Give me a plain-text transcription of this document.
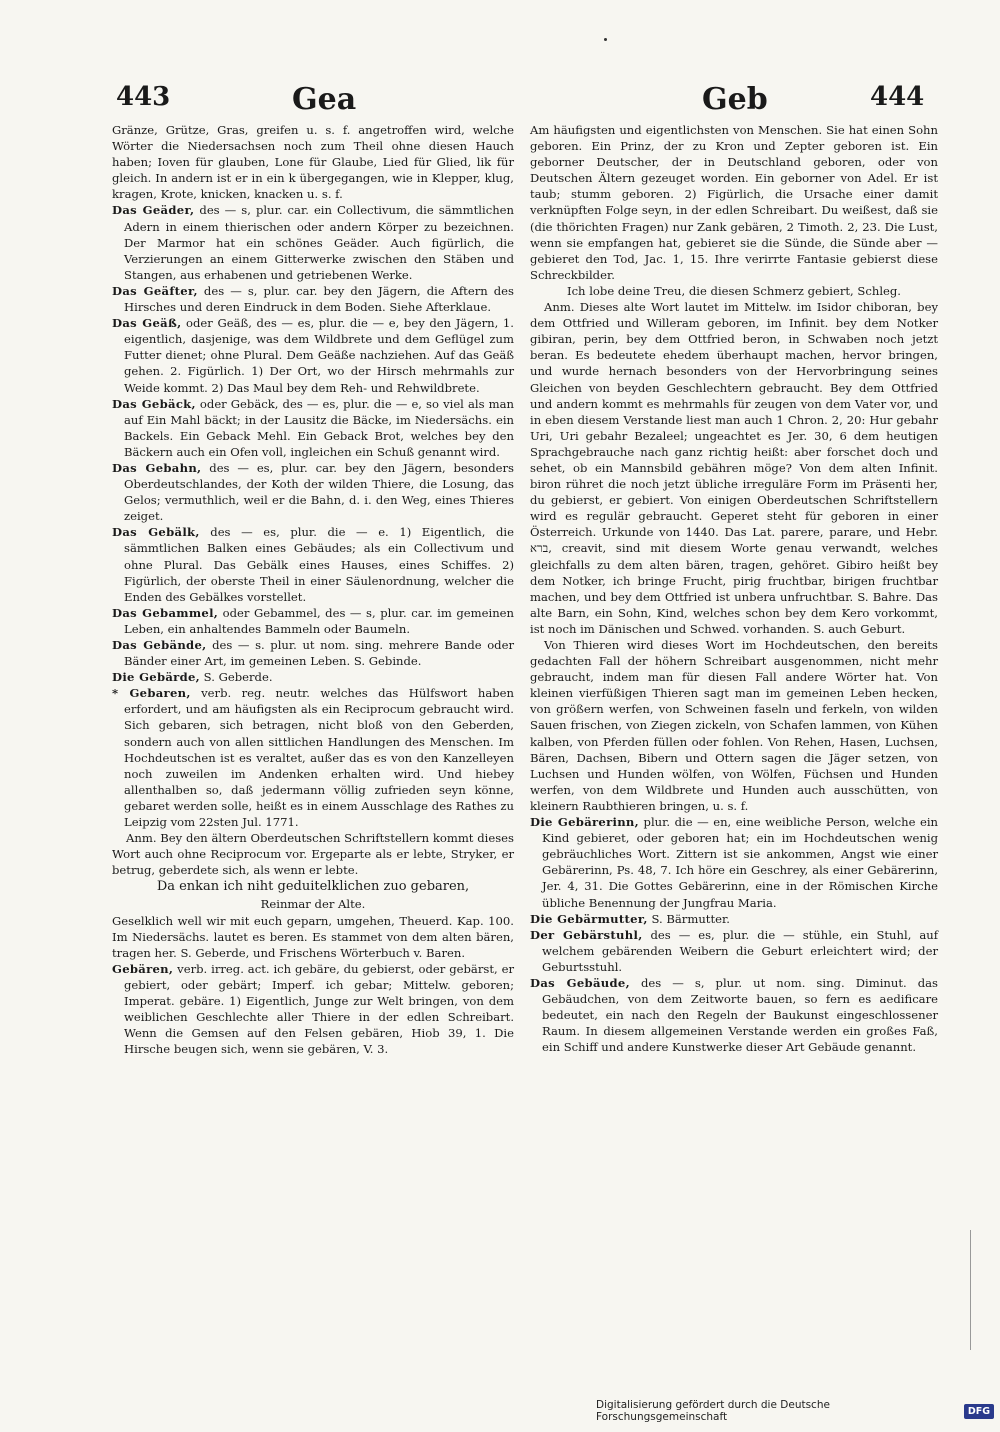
443	Gea	Geb	444

Gränze, Grütze, Gras, greifen u. s. f. angetroffen wird, welche Wörter die Niedersachsen noch zum Theil ohne diesen Hauch haben; Ioven für glauben, Lone für Glaube, Lied für Glied, lik für gleich. In andern ist er in ein k übergegangen, wie in Klepper, klug, kragen, Krote, knicken, knacken u. s. f.

Das Geäder, des — s, plur. car. ein Collectivum, die sämmtlichen Adern in einem thierischen oder andern Körper zu bezeichnen. Der Marmor hat ein schönes Geäder. Auch figürlich, die Verzierungen an einem Gitterwerke zwischen den Stäben und Stangen, aus erhabenen und getriebenen Werke.

Das Geäfter, des — s, plur. car. bey den Jägern, die Aftern des Hirsches und deren Eindruck in dem Boden. Siehe Afterklaue.

Das Geäß, oder Geäß, des — es, plur. die — e, bey den Jägern, 1. eigentlich, dasjenige, was dem Wildbrete und dem Geflügel zum Futter dienet; ohne Plural. Dem Geäße nachziehen. Auf das Geäß gehen. 2. Figürlich. 1) Der Ort, wo der Hirsch mehrmahls zur Weide kommt. 2) Das Maul bey dem Reh- und Rehwildbrete.

Das Gebäck, oder Gebäck, des — es, plur. die — e, so viel als man auf Ein Mahl bäckt; in der Lausitz die Bäcke, im Niedersächs. ein Backels. Ein Geback Mehl. Ein Geback Brot, welches bey den Bäckern auch ein Ofen voll, ingleichen ein Schuß genannt wird.

Das Gebahn, des — es, plur. car. bey den Jägern, besonders Oberdeutschlandes, der Koth der wilden Thiere, die Losung, das Gelos; vermuthlich, weil er die Bahn, d. i. den Weg, eines Thieres zeiget.

Das Gebälk, des — es, plur. die — e. 1) Eigentlich, die sämmtlichen Balken eines Gebäudes; als ein Collectivum und ohne Plural. Das Gebälk eines Hauses, eines Schiffes. 2) Figürlich, der oberste Theil in einer Säulenordnung, welcher die Enden des Gebälkes vorstellet.

Das Gebammel, oder Gebammel, des — s, plur. car. im gemeinen Leben, ein anhaltendes Bammeln oder Baumeln.

Das Gebände, des — s. plur. ut nom. sing. mehrere Bande oder Bänder einer Art, im gemeinen Leben. S. Gebinde.

Die Gebärde, S. Geberde.

* Gebaren, verb. reg. neutr. welches das Hülfswort haben erfordert, und am häufigsten als ein Reciprocum gebraucht wird. Sich gebaren, sich betragen, nicht bloß von den Geberden, sondern auch von allen sittlichen Handlungen des Menschen. Im Hochdeutschen ist es veraltet, außer das es von den Kanzelleyen noch zuweilen im Andenken erhalten wird. Und hiebey allenthalben so, daß jedermann völlig zufrieden seyn könne, gebaret werden solle, heißt es in einem Ausschlage des Rathes zu Leipzig vom 22sten Jul. 1771.

Anm. Bey den ältern Oberdeutschen Schriftstellern kommt dieses Wort auch ohne Reciprocum vor. Ergeparte als er lebte, Stryker, er betrug, geberdete sich, als wenn er lebte.

Da enkan ich niht geduitelklichen zuo gebaren,

Reinmar der Alte.

Geselklich well wir mit euch geparn, umgehen, Theuerd. Kap. 100. Im Niedersächs. lautet es beren. Es stammet von dem alten bären, tragen her. S. Geberde, und Frischens Wörterbuch v. Baren.

Gebären, verb. irreg. act. ich gebäre, du gebierst, oder gebärst, er gebiert, oder gebärt; Imperf. ich gebar; Mittelw. geboren; Imperat. gebäre. 1) Eigentlich, Junge zur Welt bringen, von dem weiblichen Geschlechte aller Thiere in der edlen Schreibart. Wenn die Gemsen auf den Felsen gebären, Hiob 39, 1. Die Hirsche beugen sich, wenn sie gebären, V. 3.

Am häufigsten und eigentlichsten von Menschen. Sie hat einen Sohn geboren. Ein Prinz, der zu Kron und Zepter geboren ist. Ein geborner Deutscher, der in Deutschland geboren, oder von Deutschen Ältern gezeuget worden. Ein geborner von Adel. Er ist taub; stumm geboren. 2) Figürlich, die Ursache einer damit verknüpften Folge seyn, in der edlen Schreibart. Du weißest, daß sie (die thörichten Fragen) nur Zank gebären, 2 Timoth. 2, 23. Die Lust, wenn sie empfangen hat, gebieret sie die Sünde, die Sünde aber — gebieret den Tod, Jac. 1, 15. Ihre verirrte Fantasie gebierst diese Schreckbilder.

Ich lobe deine Treu, die diesen Schmerz gebiert, Schleg.

Anm. Dieses alte Wort lautet im Mittelw. im Isidor chiboran, bey dem Ottfried und Willeram geboren, im Infinit. bey dem Notker gibiran, perin, bey dem Ottfried beron, in Schwaben noch jetzt beran. Es bedeutete ehedem überhaupt machen, hervor bringen, und wurde hernach besonders von der Hervorbringung seines Gleichen von beyden Geschlechtern gebraucht. Bey dem Ottfried und andern kommt es mehrmahls für zeugen von dem Vater vor, und in eben diesem Verstande liest man auch 1 Chron. 2, 20: Hur gebahr Uri, Uri gebahr Bezaleel; ungeachtet es Jer. 30, 6 dem heutigen Sprachgebrauche nach ganz richtig heißt: aber forschet doch und sehet, ob ein Mannsbild gebähren möge? Von dem alten Infinit. biron rühret die noch jetzt übliche irreguläre Form im Präsenti her, du gebierst, er gebiert. Von einigen Oberdeutschen Schriftstellern wird es regulär gebraucht. Geperet steht für geboren in einer Österreich. Urkunde von 1440. Das Lat. parere, parare, und Hebr. ברא, creavit, sind mit diesem Worte genau verwandt, welches gleichfalls zu dem alten bären, tragen, gehöret. Gibiro heißt bey dem Notker, ich bringe Frucht, pirig fruchtbar, birigen fruchtbar machen, und bey dem Ottfried ist unbera unfruchtbar. S. Bahre. Das alte Barn, ein Sohn, Kind, welches schon bey dem Kero vorkommt, ist noch im Dänischen und Schwed. vorhanden. S. auch Geburt.

Von Thieren wird dieses Wort im Hochdeutschen, den bereits gedachten Fall der höhern Schreibart ausgenommen, nicht mehr gebraucht, indem man für diesen Fall andere Wörter hat. Von kleinen vierfüßigen Thieren sagt man im gemeinen Leben hecken, von größern werfen, von Schweinen faseln und ferkeln, von wilden Sauen frischen, von Ziegen zickeln, von Schafen lammen, von Kühen kalben, von Pferden füllen oder fohlen. Von Rehen, Hasen, Luchsen, Bären, Dachsen, Bibern und Ottern sagen die Jäger setzen, von Luchsen und Hunden wölfen, von Wölfen, Füchsen und Hunden werfen, von dem Wildbrete und Hunden auch ausschütten, von kleinern Raubthieren bringen, u. s. f.

Die Gebärerinn, plur. die — en, eine weibliche Person, welche ein Kind gebieret, oder geboren hat; ein im Hochdeutschen wenig gebräuchliches Wort. Zittern ist sie ankommen, Angst wie einer Gebärerinn, Ps. 48, 7. Ich höre ein Geschrey, als einer Gebärerinn, Jer. 4, 31. Die Gottes Gebärerinn, eine in der Römischen Kirche übliche Benennung der Jungfrau Maria.

Die Gebärmutter, S. Bärmutter.

Der Gebärstuhl, des — es, plur. die — stühle, ein Stuhl, auf welchem gebärenden Weibern die Geburt erleichtert wird; der Geburtsstuhl.

Das Gebäude, des — s, plur. ut nom. sing. Diminut. das Gebäudchen, von dem Zeitworte bauen, so fern es aedificare bedeutet, ein nach den Regeln der Baukunst eingeschlossener Raum. In diesem allgemeinen Verstande werden ein großes Faß, ein Schiff und andere Kunstwerke dieser Art Gebäude genannt.

Digitalisierung gefördert durch die Deutsche Forschungsgemeinschaft	DFG
